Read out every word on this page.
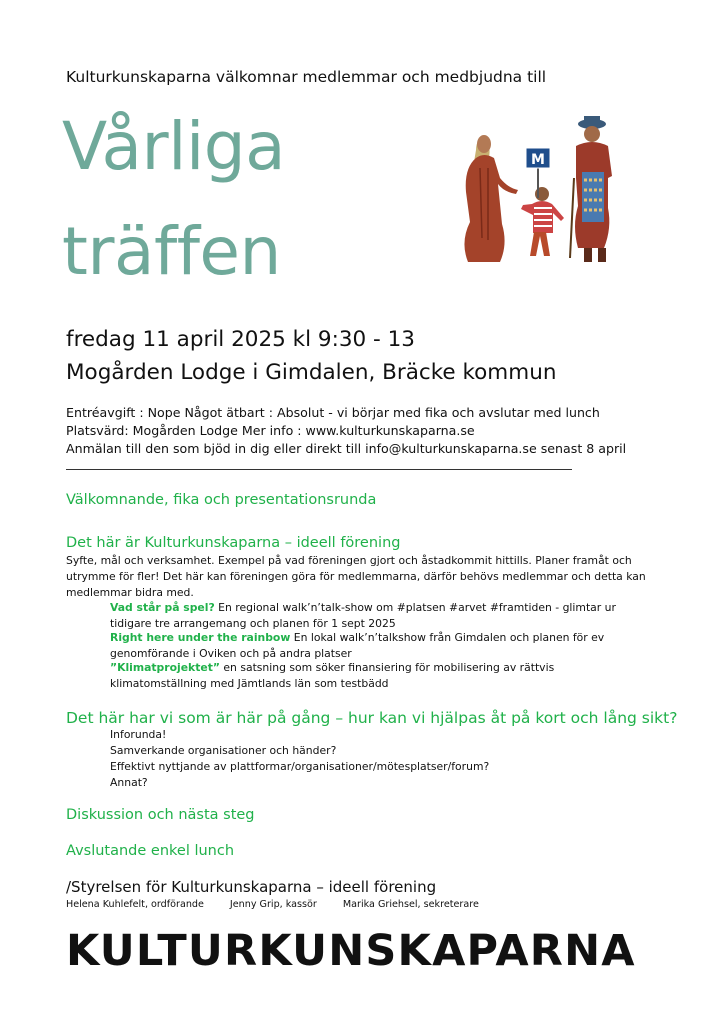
Kulturkunskaparna välkomnar medlemmar och medbjudna till
Vårliga
träffen
M
fredag 11 april 2025 kl 9:30 - 13
Mogården Lodge i Gimdalen, Bräcke kommun
Entréavgift : Nope Något ätbart : Absolut - vi börjar med fika och avslutar med lunch
Platsvärd: Mogården Lodge Mer info : www.kulturkunskaparna.se
Anmälan till den som bjöd in dig eller direkt till info@kulturkunskaparna.se senast 8 april
Välkomnande, fika och presentationsrunda
Det här är Kulturkunskaparna – ideell förening
Syfte, mål och verksamhet. Exempel på vad föreningen gjort och åstadkommit hittills. Planer framåt och utrymme för fler! Det här kan föreningen göra för medlemmarna, därför behövs medlemmar och detta kan medlemmar bidra med.
Vad står på spel? En regional walk’n’talk-show om #platsen #arvet #framtiden - glimtar ur tidigare tre arrangemang och planen för 1 sept 2025
Right here under the rainbow En lokal walk’n’talkshow från Gimdalen och planen för ev genomförande i Oviken och på andra platser
”Klimatprojektet” en satsning som söker finansiering för mobilisering av rättvis klimatomställning med Jämtlands län som testbädd
Det här har vi som är här på gång – hur kan vi hjälpas åt på kort och lång sikt?
Inforunda!
Samverkande organisationer och händer?
Effektivt nyttjande av plattformar/organisationer/mötesplatser/forum?
Annat?
Diskussion och nästa steg
Avslutande enkel lunch
/Styrelsen för Kulturkunskaparna – ideell förening
Helena Kuhlefelt, ordförande	Jenny Grip, kassör	Marika Griehsel, sekreterare
KULTURKUNSKAPARNA
